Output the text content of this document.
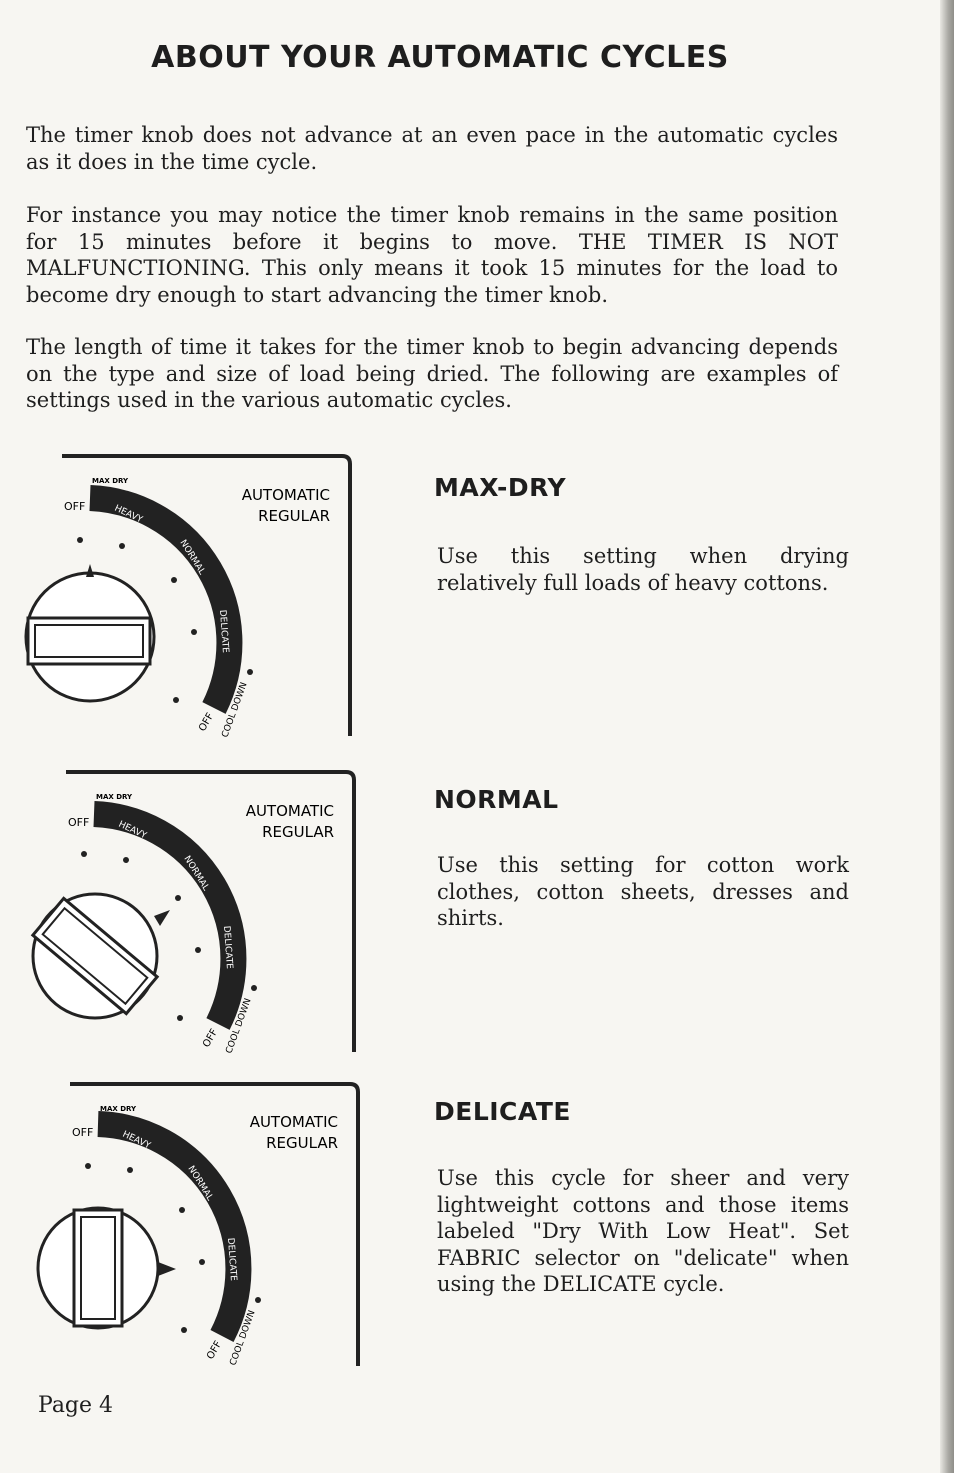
ABOUT YOUR AUTOMATIC CYCLES
The timer knob does not advance at an even pace in the automatic cycles as it does in the time cycle.
For instance you may notice the timer knob remains in the same position for 15 minutes before it begins to move. THE TIMER IS NOT MALFUNCTIONING. This only means it took 15 minutes for the load to become dry enough to start advancing the timer knob.
The length of time it takes for the timer knob to begin advancing depends on the type and size of load being dried. The following are examples of settings used in the various automatic cycles.
MAX DRY
OFF
AUTOMATIC
REGULAR
HEAVY
NORMAL
DELICATE
OFF COOL DOWN
MAX-DRY
Use this setting when drying relatively full loads of heavy cottons.
MAX DRY
OFF
AUTOMATIC
REGULAR
HEAVY
NORMAL
DELICATE
OFF COOL DOWN
NORMAL
Use this setting for cotton work clothes, cotton sheets, dresses and shirts.
MAX DRY
OFF
AUTOMATIC
REGULAR
HEAVY
NORMAL
DELICATE
OFF COOL DOWN
DELICATE
Use this cycle for sheer and very lightweight cottons and those items labeled "Dry With Low Heat". Set FABRIC selector on "delicate" when using the DELICATE cycle.
Page 4
